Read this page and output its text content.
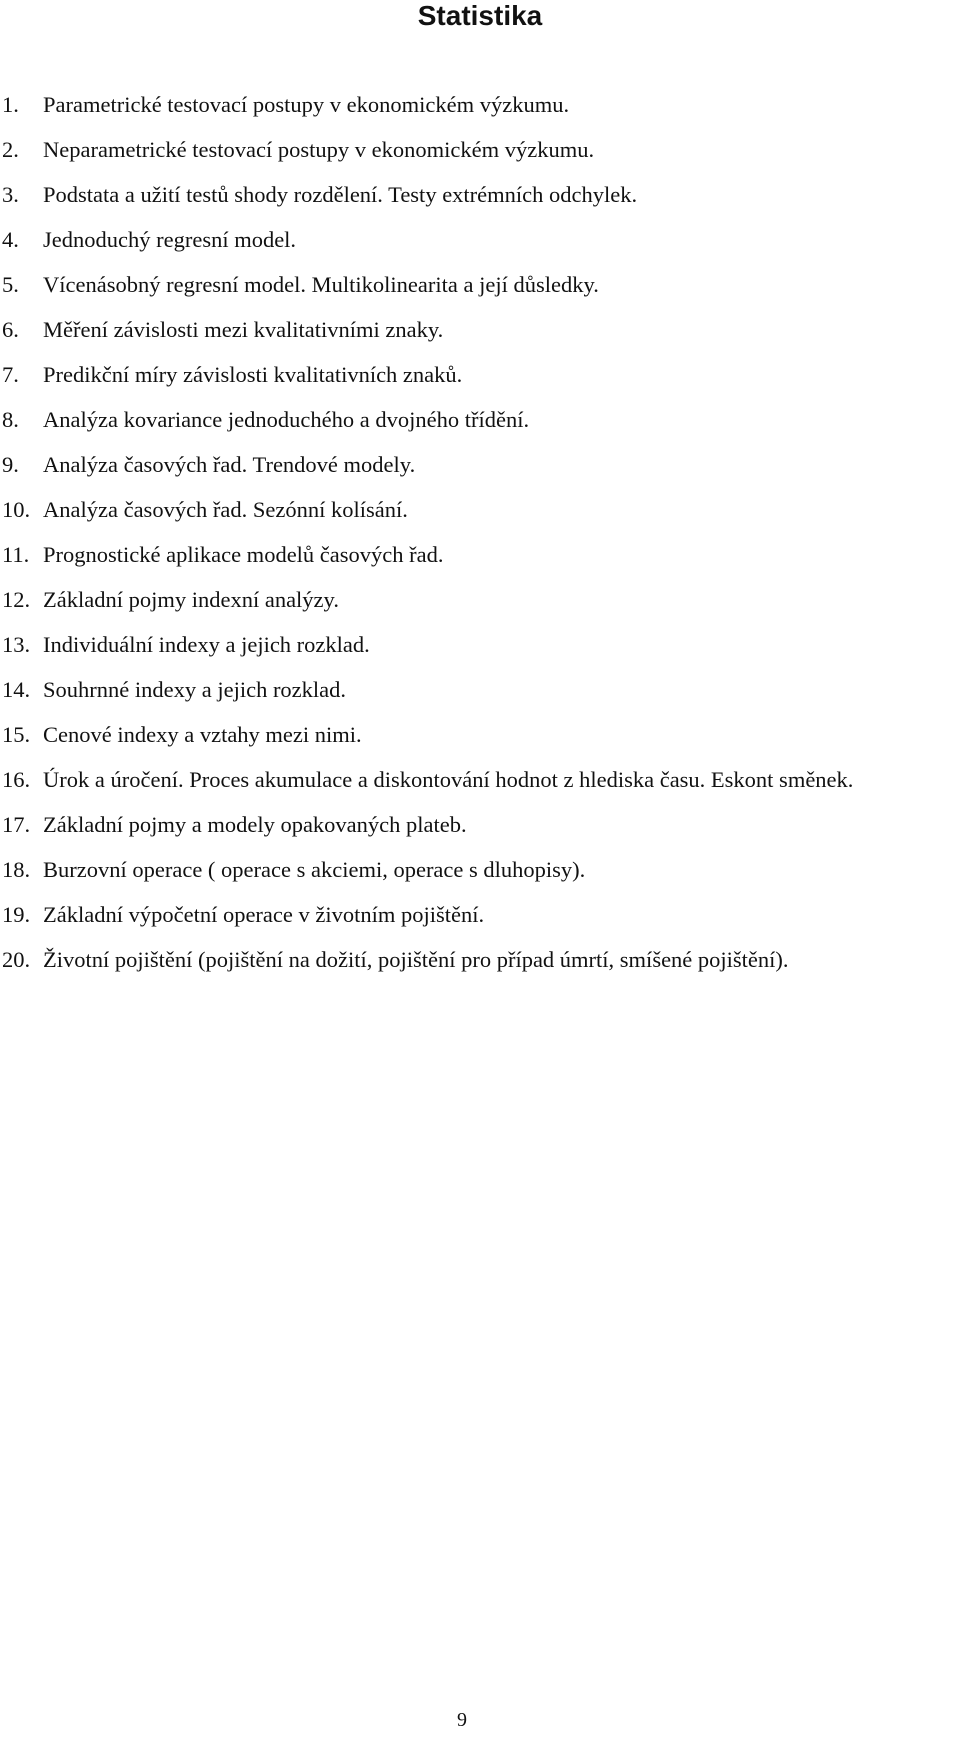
Statistika
1. Parametrické testovací postupy v ekonomickém výzkumu.
2. Neparametrické testovací postupy v ekonomickém výzkumu.
3. Podstata a užití testů shody rozdělení. Testy extrémních odchylek.
4. Jednoduchý regresní model.
5. Vícenásobný regresní model. Multikolinearita a její důsledky.
6. Měření závislosti mezi kvalitativními znaky.
7. Predikční míry závislosti kvalitativních znaků.
8. Analýza kovariance jednoduchého a dvojného třídění.
9. Analýza časových řad. Trendové modely.
10. Analýza časových řad. Sezónní kolísání.
11. Prognostické aplikace modelů časových řad.
12. Základní pojmy indexní analýzy.
13. Individuální indexy a jejich rozklad.
14. Souhrnné indexy a jejich rozklad.
15. Cenové indexy a vztahy mezi nimi.
16. Úrok a úročení. Proces akumulace a diskontování hodnot z hlediska času. Eskont směnek.
17. Základní pojmy a modely opakovaných plateb.
18. Burzovní operace ( operace s akciemi, operace s dluhopisy).
19. Základní výpočetní operace v životním pojištění.
20. Životní pojištění (pojištění na dožití, pojištění pro případ úmrtí, smíšené pojištění).
9
